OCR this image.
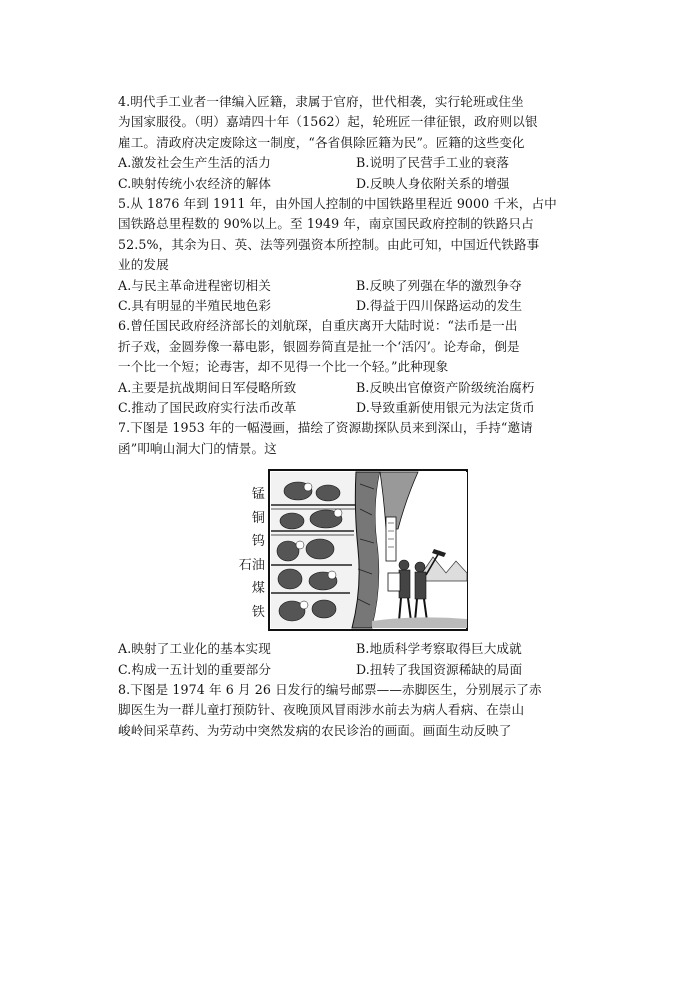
4.明代手工业者一律编入匠籍，隶属于官府，世代相袭，实行轮班或住坐

为国家服役。（明）嘉靖四十年（1562）起，轮班匠一律征银，政府则以银

雇工。清政府决定废除这一制度，“各省俱除匠籍为民”。匠籍的这些变化

A.激发社会生产生活的活力	B.说明了民营手工业的衰落
C.映射传统小农经济的解体	D.反映人身依附关系的增强

5.从 1876 年到 1911 年，由外国人控制的中国铁路里程近 9000 千米，占中

国铁路总里程数的 90%以上。至 1949 年，南京国民政府控制的铁路只占

52.5%，其余为日、英、法等列强资本所控制。由此可知，中国近代铁路事

业的发展

A.与民主革命进程密切相关	B.反映了列强在华的激烈争夺
C.具有明显的半殖民地色彩	D.得益于四川保路运动的发生

6.曾任国民政府经济部长的刘航琛，自重庆离开大陆时说：“法币是一出

折子戏，金圆券像一幕电影，银圆券简直是扯一个‘活闪’。论寿命，倒是

一个比一个短；论毒害，却不见得一个比一个轻。”此种现象

A.主要是抗战期间日军侵略所致	B.反映出官僚资产阶级统治腐朽
C.推动了国民政府实行法币改革	D.导致重新使用银元为法定货币

7.下图是 1953 年的一幅漫画，描绘了资源勘探队员来到深山，手持“邀请

函”叩响山洞大门的情景。这

锰
铜
钨
石油
煤
铁
A.映射了工业化的基本实现	B.地质科学考察取得巨大成就
C.构成一五计划的重要部分	D.扭转了我国资源稀缺的局面

8.下图是 1974 年 6 月 26 日发行的编号邮票——赤脚医生，分别展示了赤

脚医生为一群儿童打预防针、夜晚顶风冒雨涉水前去为病人看病、在崇山

峻岭间采草药、为劳动中突然发病的农民诊治的画面。画面生动反映了
